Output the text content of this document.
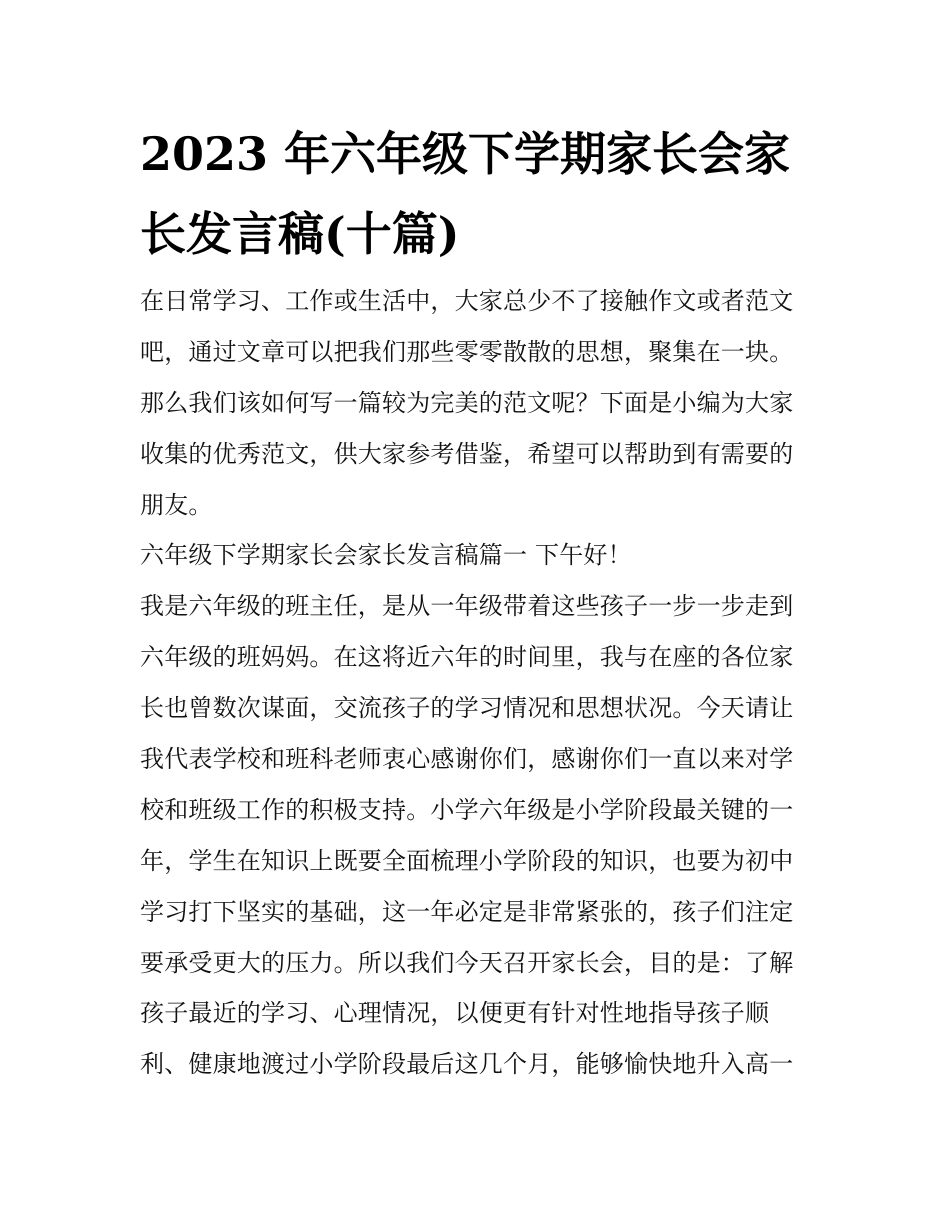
2023 年六年级下学期家长会家
长发言稿(十篇)
在日常学习、工作或生活中，大家总少不了接触作文或者范文
吧，通过文章可以把我们那些零零散散的思想，聚集在一块。
那么我们该如何写一篇较为完美的范文呢？下面是小编为大家
收集的优秀范文，供大家参考借鉴，希望可以帮助到有需要的
朋友。
六年级下学期家长会家长发言稿篇一 下午好！
我是六年级的班主任，是从一年级带着这些孩子一步一步走到
六年级的班妈妈。在这将近六年的时间里，我与在座的各位家
长也曾数次谋面，交流孩子的学习情况和思想状况。今天请让
我代表学校和班科老师衷心感谢你们，感谢你们一直以来对学
校和班级工作的积极支持。小学六年级是小学阶段最关键的一
年，学生在知识上既要全面梳理小学阶段的知识，也要为初中
学习打下坚实的基础，这一年必定是非常紧张的，孩子们注定
要承受更大的压力。所以我们今天召开家长会，目的是：了解
孩子最近的学习、心理情况，以便更有针对性地指导孩子顺
利、健康地渡过小学阶段最后这几个月，能够愉快地升入高一
